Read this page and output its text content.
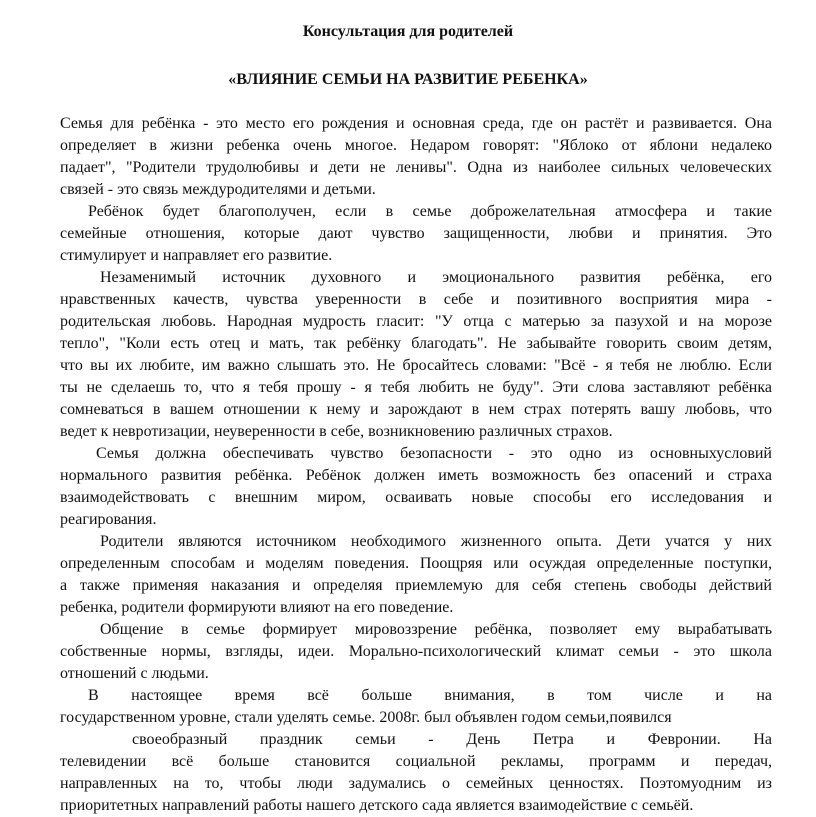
Консультация для родителей

«ВЛИЯНИЕ СЕМЬИ НА РАЗВИТИЕ РЕБЕНКА»

Семья для ребёнка - это место его рождения и основная среда, где он растёт и развивается. Она
определяет в жизни ребенка очень многое. Недаром говорят: "Яблоко от яблони недалеко
падает", "Родители трудолюбивы и дети не ленивы". Одна из наиболее сильных человеческих
связей - это связь междуродителями и детьми.
Ребёнок будет благополучен, если в семье доброжелательная атмосфера и такие
семейные отношения, которые дают чувство защищенности, любви и принятия. Это
стимулирует и направляет его развитие.
Незаменимый источник духовного и эмоционального развития ребёнка, его
нравственных качеств, чувства уверенности в себе и позитивного восприятия мира -
родительская любовь. Народная мудрость гласит: "У отца с матерью за пазухой и на морозе
тепло", "Коли есть отец и мать, так ребёнку благодать". Не забывайте говорить своим детям,
что вы их любите, им важно слышать это. Не бросайтесь словами: "Всё - я тебя не люблю. Если
ты не сделаешь то, что я тебя прошу - я тебя любить не буду". Эти слова заставляют ребёнка
сомневаться в вашем отношении к нему и зарождают в нем страх потерять вашу любовь, что
ведет к невротизации, неуверенности в себе, возникновению различных страхов.
Семья должна обеспечивать чувство безопасности - это одно из основныхусловий
нормального развития ребёнка. Ребёнок должен иметь возможность без опасений и страха
взаимодействовать с внешним миром, осваивать новые способы его исследования и
реагирования.
Родители являются источником необходимого жизненного опыта. Дети учатся у них
определенным способам и моделям поведения. Поощряя или осуждая определенные поступки,
а также применяя наказания и определяя приемлемую для себя степень свободы действий
ребенка, родители формируюти влияют на его поведение.
Общение в семье формирует мировоззрение ребёнка, позволяет ему вырабатывать
собственные нормы, взгляды, идеи. Морально-психологический климат семьи - это школа
отношений с людьми.
В настоящее время всё больше внимания, в том числе и на
государственном уровне, стали уделять семье. 2008г. был объявлен годом семьи,появился
своеобразный праздник семьи - День Петра и Февронии. На
телевидении всё больше становится социальной рекламы, программ и передач,
направленных на то, чтобы люди задумались о семейных ценностях. Поэтомуодним из
приоритетных направлений работы нашего детского сада является взаимодействие с семьёй.
